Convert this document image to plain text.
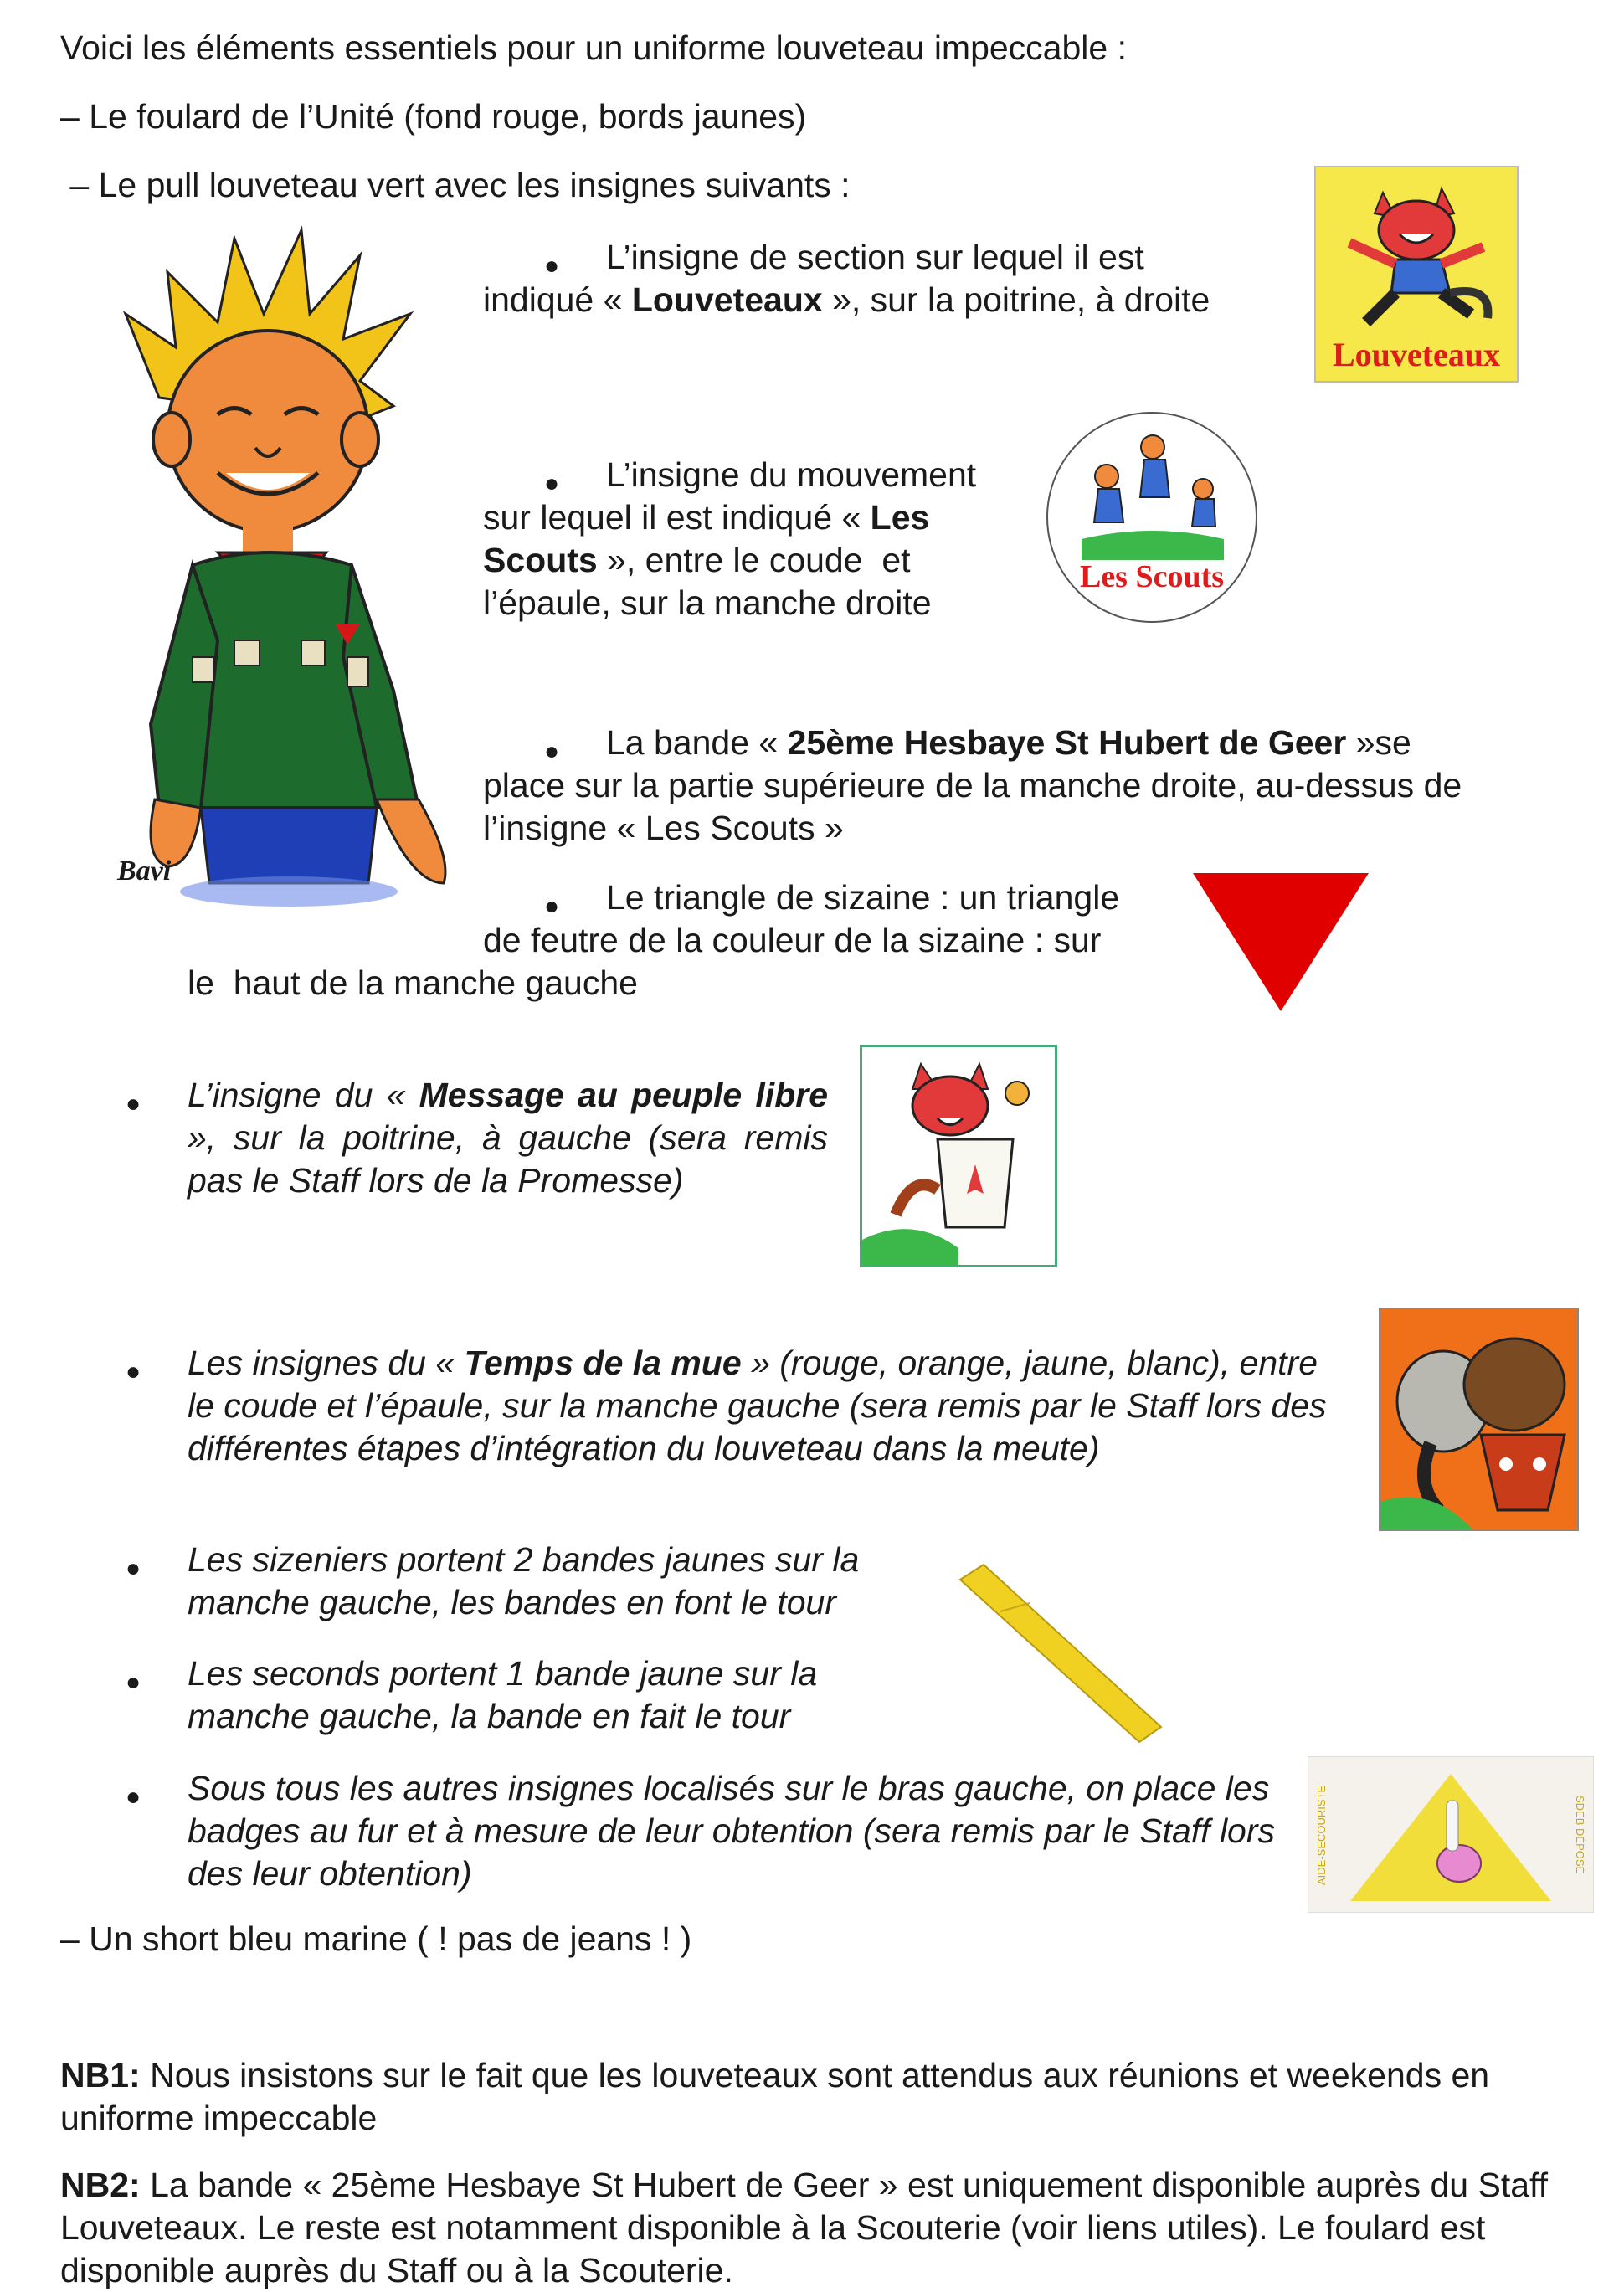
Voici les éléments essentiels pour un uniforme louveteau impeccable :
– Le foulard de l’Unité (fond rouge, bords jaunes)
– Le pull louveteau vert avec les insignes suivants :
Bavi
● L’insigne de section sur lequel il est
indiqué « Louveteaux », sur la poitrine, à droite
Louveteaux
● L’insigne du mouvement
sur lequel il est indiqué « Les
Scouts », entre le coude  et
l’épaule, sur la manche droite
Les Scouts
● La bande « 25ème Hesbaye St Hubert de Geer »se
place sur la partie supérieure de la manche droite, au-dessus de
l’insigne « Les Scouts »
● Le triangle de sizaine : un triangle
de feutre de la couleur de la sizaine : sur
le  haut de la manche gauche
● L’insigne du « Message au peuple libre », sur la poitrine, à gauche (sera remis pas le Staff lors de la Promesse)
● Les insignes du « Temps de la mue » (rouge, orange, jaune, blanc), entre le coude et l’épaule, sur la manche gauche (sera remis par le Staff lors des différentes étapes d’intégration du louveteau dans la meute)
● Les sizeniers portent 2 bandes jaunes sur la manche gauche, les bandes en font le tour
● Les seconds portent 1 bande jaune sur la manche gauche, la bande en fait le tour
● Sous tous les autres insignes localisés sur le bras gauche, on place les badges au fur et à mesure de leur obtention (sera remis par le Staff lors des leur obtention)	AIDE-SECOURISTE	SDEB DÉPOSÉ
– Un short bleu marine ( ! pas de jeans ! )
NB1: Nous insistons sur le fait que les louveteaux sont attendus aux réunions et weekends en uniforme impeccable
NB2: La bande « 25ème Hesbaye St Hubert de Geer » est uniquement disponible auprès du Staff Louveteaux. Le reste est notamment disponible à la Scouterie (voir liens utiles). Le foulard est disponible auprès du Staff ou à la Scouterie.
